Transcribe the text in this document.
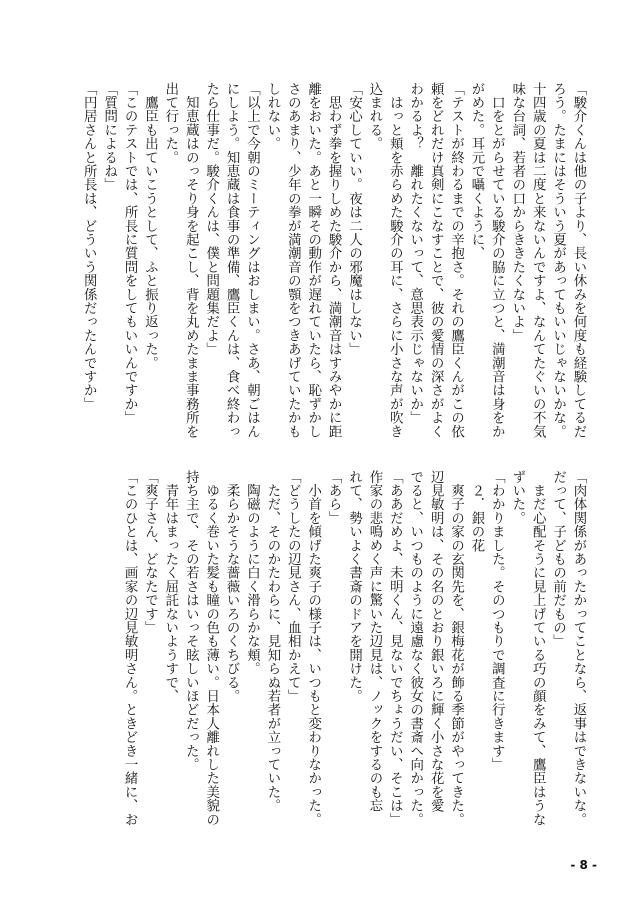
「駿介くんは他の子より、長い休みを何度も経験してるだ
ろう。たまにはそういう夏があってもいいじゃないかな。
十四歳の夏は二度と来ないんですよ、なんてたぐいの不気
味な台詞、若者の口からききたくないよ」
　口をとがらせている駿介の脇に立つと、満潮音は身をか
がめた。耳元で囁くように、
「テストが終わるまでの辛抱さ。それの鷹臣くんがこの依
頼をどれだけ真剣にこなすことで、彼の愛情の深さがよく
わかるよ？　離れたくないって、意思表示じゃないか」
　はっと頬を赤らめた駿介の耳に、さらに小さな声が吹き
込まれる。
「安心していい。夜は二人の邪魔はしない」
　思わず拳を握りしめた駿介から、満潮音はすみやかに距
離をおいた。あと一瞬その動作が遅れていたら、恥ずかし
さのあまり、少年の拳が満潮音の顎をつきあげていたかも
しれない。
「以上で今朝のミーティングはおしまい。さあ、朝ごはん
にしよう。知恵蔵は食事の準備、鷹臣くんは、食べ終わっ
たら仕事だ。駿介くんは、僕と問題集だよ」
　知恵蔵はのっそり身を起こし、背を丸めたまま事務所を
出て行った。
　鷹臣も出ていこうとして、ふと振り返った。
「このテストでは、所長に質問をしてもいいんですか」
「質問によるね」
「円居さんと所長は、どういう関係だったんですか」
「肉体関係があったかってことなら、返事はできないな。
だって、子どもの前だもの」
　まだ心配そうに見上げている巧の顔をみて、鷹臣はうな
ずいた。
「わかりました。そのつもりで調査に行きます」
　２．銀の花
　爽子の家の玄関先を、銀梅花が飾る季節がやってきた。
辺見敏明は、その名のとおり銀いろに輝く小さな花を愛
でると、いつものように遠慮なく彼女の書斎へ向かった。
「ああだめよ、未明くん、見ないでちょうだい、そこは」
作家の悲鳴めく声に驚いた辺見は、ノックをするのも忘
れて、勢いよく書斎のドアを開けた。
「あら」
　小首を傾げた爽子の様子は、いつもと変わりなかった。
「どうしたの辺見さん、血相かえて」
　ただ、そのかたわらに、見知らぬ若者が立っていた。
　陶磁のように白く滑らかな頬。
　柔らかそうな薔薇いろのくちびる。
　ゆるく巻いた髪も瞳の色も薄い。日本人離れした美貌の
持ち主で、その若さはいっそ眩しいほどだった。
　青年はまったく屈託ないようすで、
「爽子さん、どなたです」
「このひとは、画家の辺見敏明さん。ときどき一緒に、お
- 8 -
